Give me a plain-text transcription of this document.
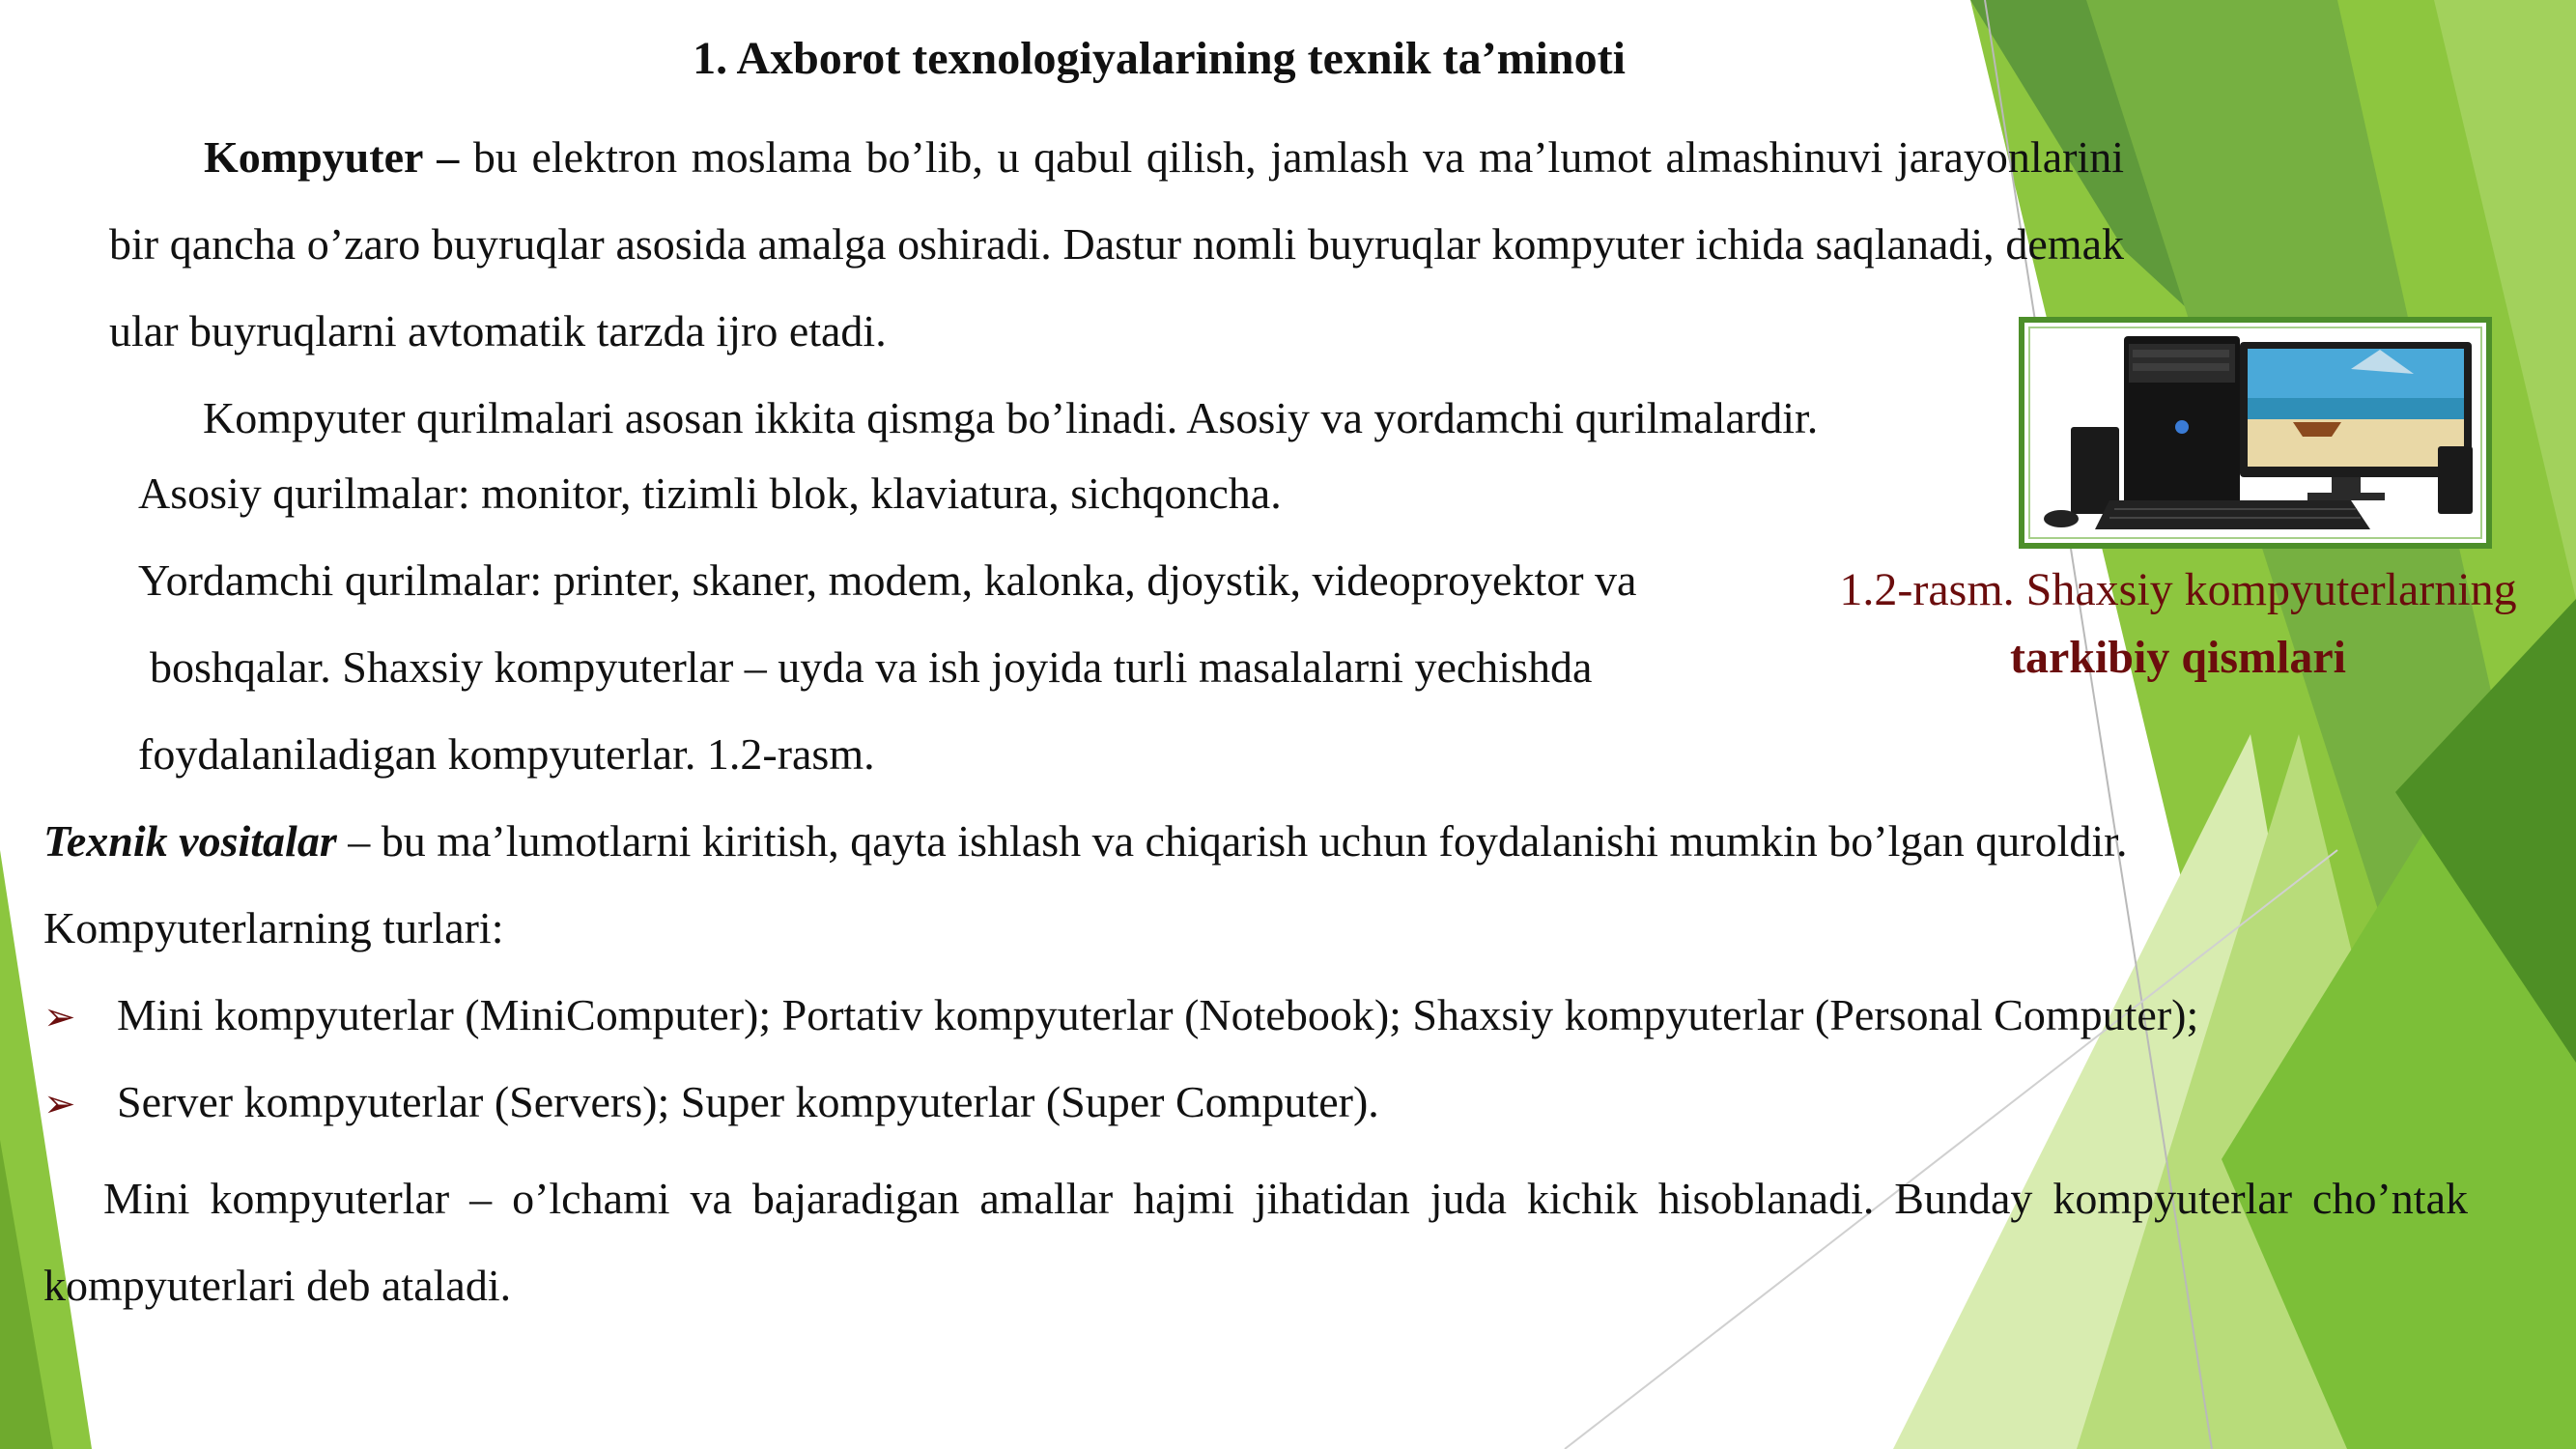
1. Axborot texnologiyalarining texnik ta’minoti
Kompyuter – bu elektron moslama bo’lib, u qabul qilish, jamlash va ma’lumot almashinuvi jarayonlarini bir qancha o’zaro buyruqlar asosida amalga oshiradi. Dastur nomli buyruqlar kompyuter ichida saqlanadi, demak ular buyruqlarni avtomatik tarzda ijro etadi.
Kompyuter qurilmalari asosan ikkita qismga bo’linadi. Asosiy va yordamchi qurilmalardir.
Asosiy qurilmalar: monitor, tizimli blok, klaviatura, sichqoncha.
Yordamchi qurilmalar: printer, skaner, modem, kalonka, djoystik, videoproyektor va
boshqalar. Shaxsiy kompyuterlar – uyda va ish joyida turli masalalarni yechishda
foydalaniladigan kompyuterlar. 1.2-rasm.
Texnik vositalar – bu ma’lumotlarni kiritish, qayta ishlash va chiqarish uchun foydalanishi mumkin bo’lgan quroldir.
Kompyuterlarning turlari:
➢ Mini kompyuterlar (MiniComputer); Portativ kompyuterlar (Notebook); Shaxsiy kompyuterlar (Personal Computer);
➢ Server kompyuterlar (Servers); Super kompyuterlar (Super Computer).
Mini kompyuterlar – o’lchami va bajaradigan amallar hajmi jihatidan juda kichik hisoblanadi. Bunday kompyuterlar cho’ntak kompyuterlari deb ataladi.
1.2-rasm. Shaxsiy kompyuterlarning
tarkibiy qismlari
